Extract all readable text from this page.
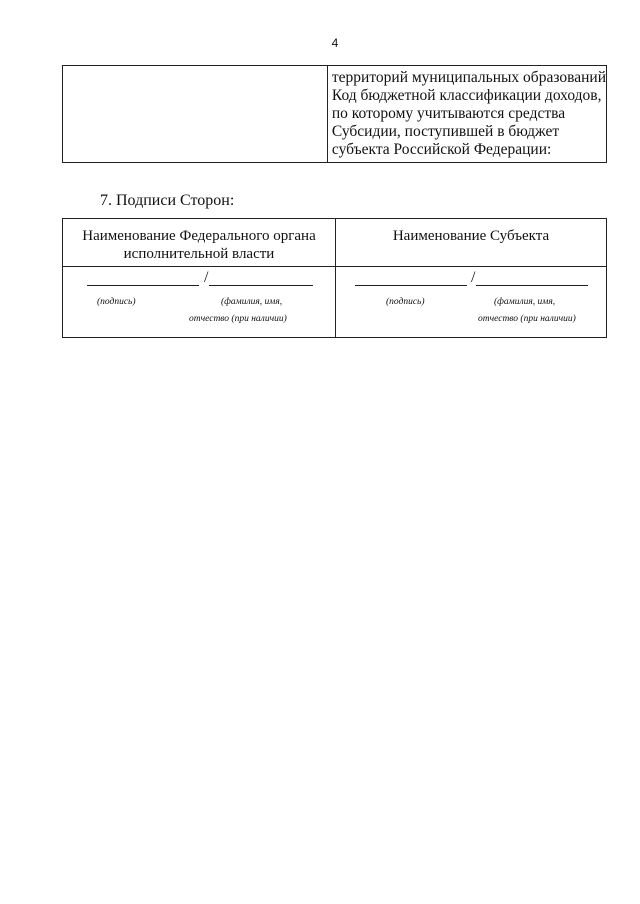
4
территорий муниципальных образований
Код бюджетной классификации доходов,
по которому учитываются средства
Субсидии, поступившей в бюджет
субъекта Российской Федерации:
7. Подписи Сторон:
Наименование Федерального органа
исполнительной власти
Наименование Субъекта
/
(подпись)	(фамилия, имя,
отчество (при наличии)
/
(подпись)	(фамилия, имя,
отчество (при наличии)
